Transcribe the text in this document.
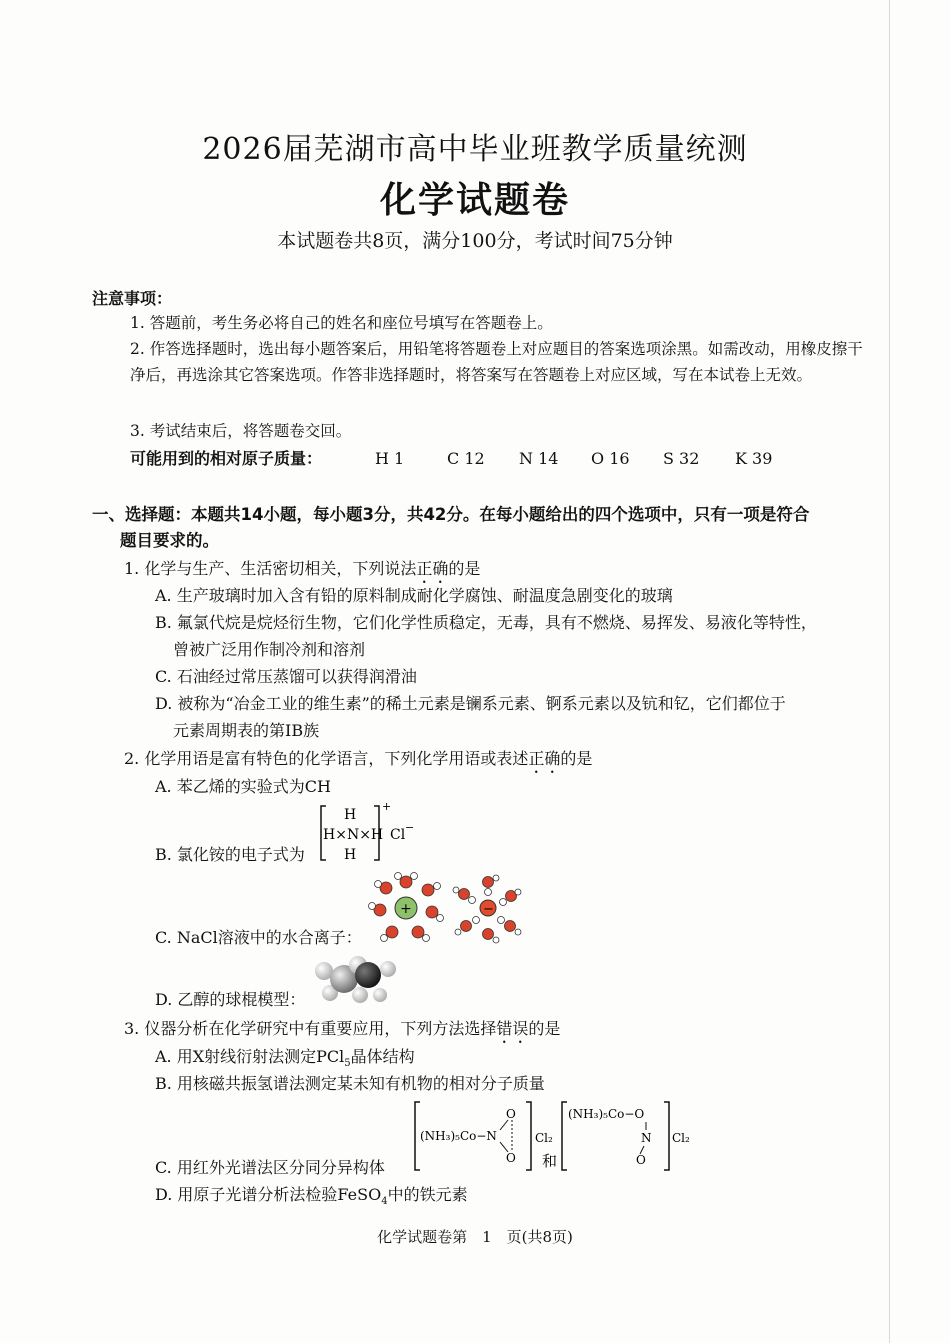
2026届芜湖市高中毕业班教学质量统测
化学试题卷
本试题卷共8页，满分100分，考试时间75分钟
注意事项：
1. 答题前，考生务必将自己的姓名和座位号填写在答题卷上。
2. 作答选择题时，选出每小题答案后，用铅笔将答题卷上对应题目的答案选项涂黑。如需改动，用橡皮擦干净后，再选涂其它答案选项。作答非选择题时，将答案写在答题卷上对应区域，写在本试卷上无效。
3. 考试结束后，将答题卷交回。
可能用到的相对原子质量：	H 1	C 12 N 14 O 16 S 32 K 39
一、选择题：本题共14小题，每小题3分，共42分。在每小题给出的四个选项中，只有一项是符合
题目要求的。
1. 化学与生产、生活密切相关，下列说法正确的是
A. 生产玻璃时加入含有铅的原料制成耐化学腐蚀、耐温度急剧变化的玻璃
B. 氟氯代烷是烷烃衍生物，它们化学性质稳定，无毒，具有不燃烧、易挥发、易液化等特性，
曾被广泛用作制冷剂和溶剂
C. 石油经过常压蒸馏可以获得润滑油
D. 被称为“冶金工业的维生素”的稀土元素是镧系元素、锕系元素以及钪和钇，它们都位于
元素周期表的第IB族
2. 化学用语是富有特色的化学语言，下列化学用语或表述正确的是
A. 苯乙烯的实验式为CH
B. 氯化铵的电子式为
H
H×N×H
H
+
Cl −
C. NaCl溶液中的水合离子：
+	−
D. 乙醇的球棍模型：
3. 仪器分析在化学研究中有重要应用，下列方法选择错误的是
A. 用X射线衍射法测定PCl$_5$晶体结构
B. 用核磁共振氢谱法测定某未知有机物的相对分子质量
C. 用红外光谱法区分同分异构体
(NH₃)₅Co−N
O
O
Cl₂
和
(NH₃)₅Co−O
N
O
Cl₂
D. 用原子光谱分析法检验FeSO$_4$中的铁元素
化学试题卷第　1　页(共8页)
